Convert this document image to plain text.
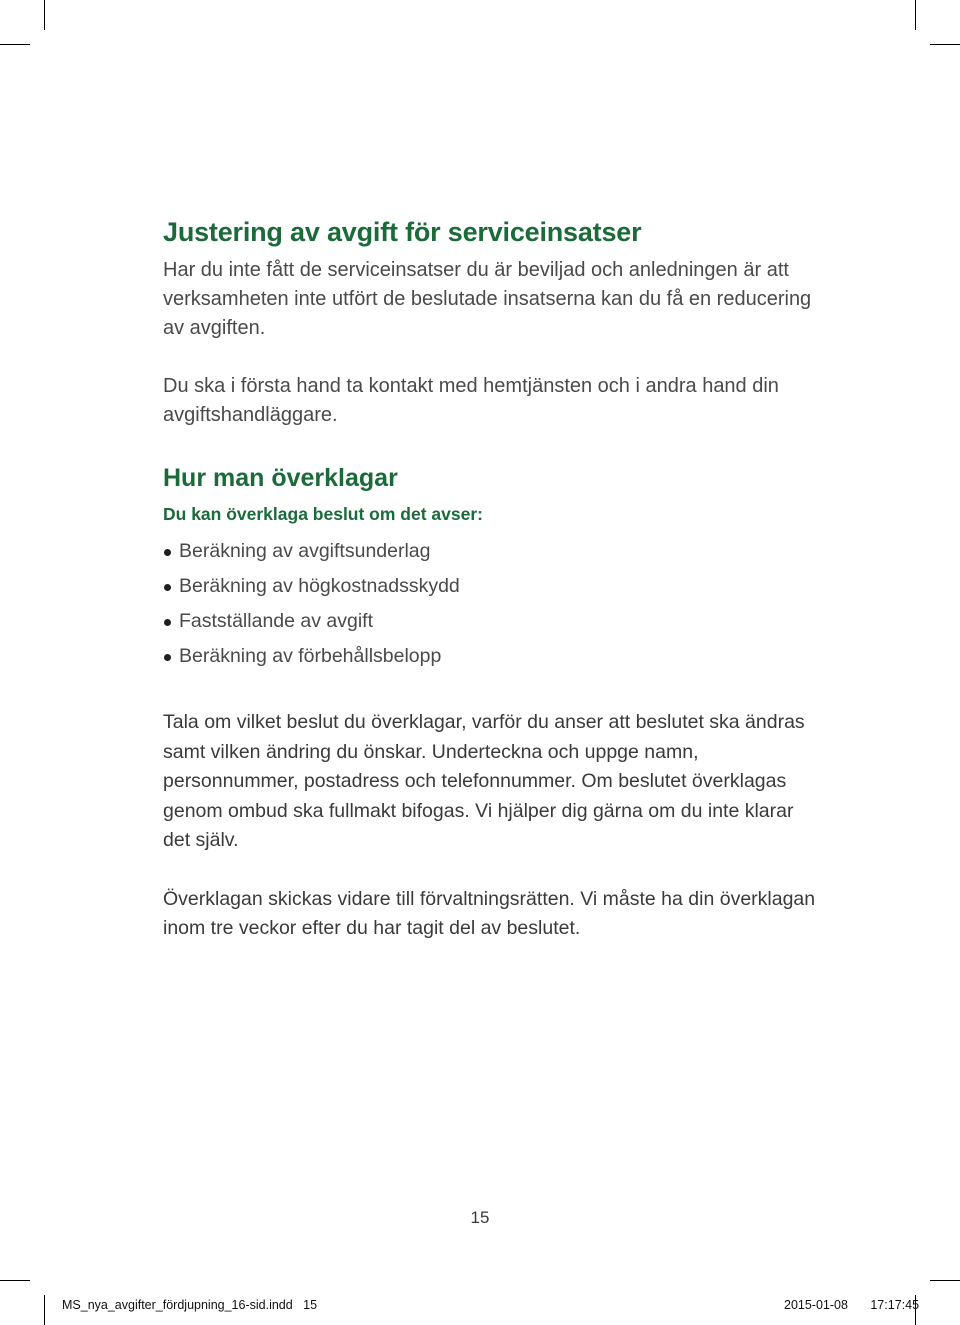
Justering av avgift för serviceinsatser

Har du inte fått de serviceinsatser du är beviljad och anledningen är att verksamheten inte utfört de beslutade insatserna kan du få en reducering av avgiften.

Du ska i första hand ta kontakt med hemtjänsten och i andra hand din avgiftshandläggare.

Hur man överklagar
Du kan överklaga beslut om det avser:
Beräkning av avgiftsunderlag
Beräkning av högkostnadsskydd
Fastställande av avgift
Beräkning av förbehållsbelopp

Tala om vilket beslut du överklagar, varför du anser att beslutet ska ändras samt vilken ändring du önskar. Underteckna och uppge namn, personnummer, postadress och telefonnummer. Om beslutet överklagas genom ombud ska fullmakt bifogas. Vi hjälper dig gärna om du inte klarar det själv.

Överklagan skickas vidare till förvaltningsrätten. Vi måste ha din överklagan inom tre veckor efter du har tagit del av beslutet.

15
MS_nya_avgifter_fördjupning_16-sid.indd   15	2015-01-08   17:17:45
